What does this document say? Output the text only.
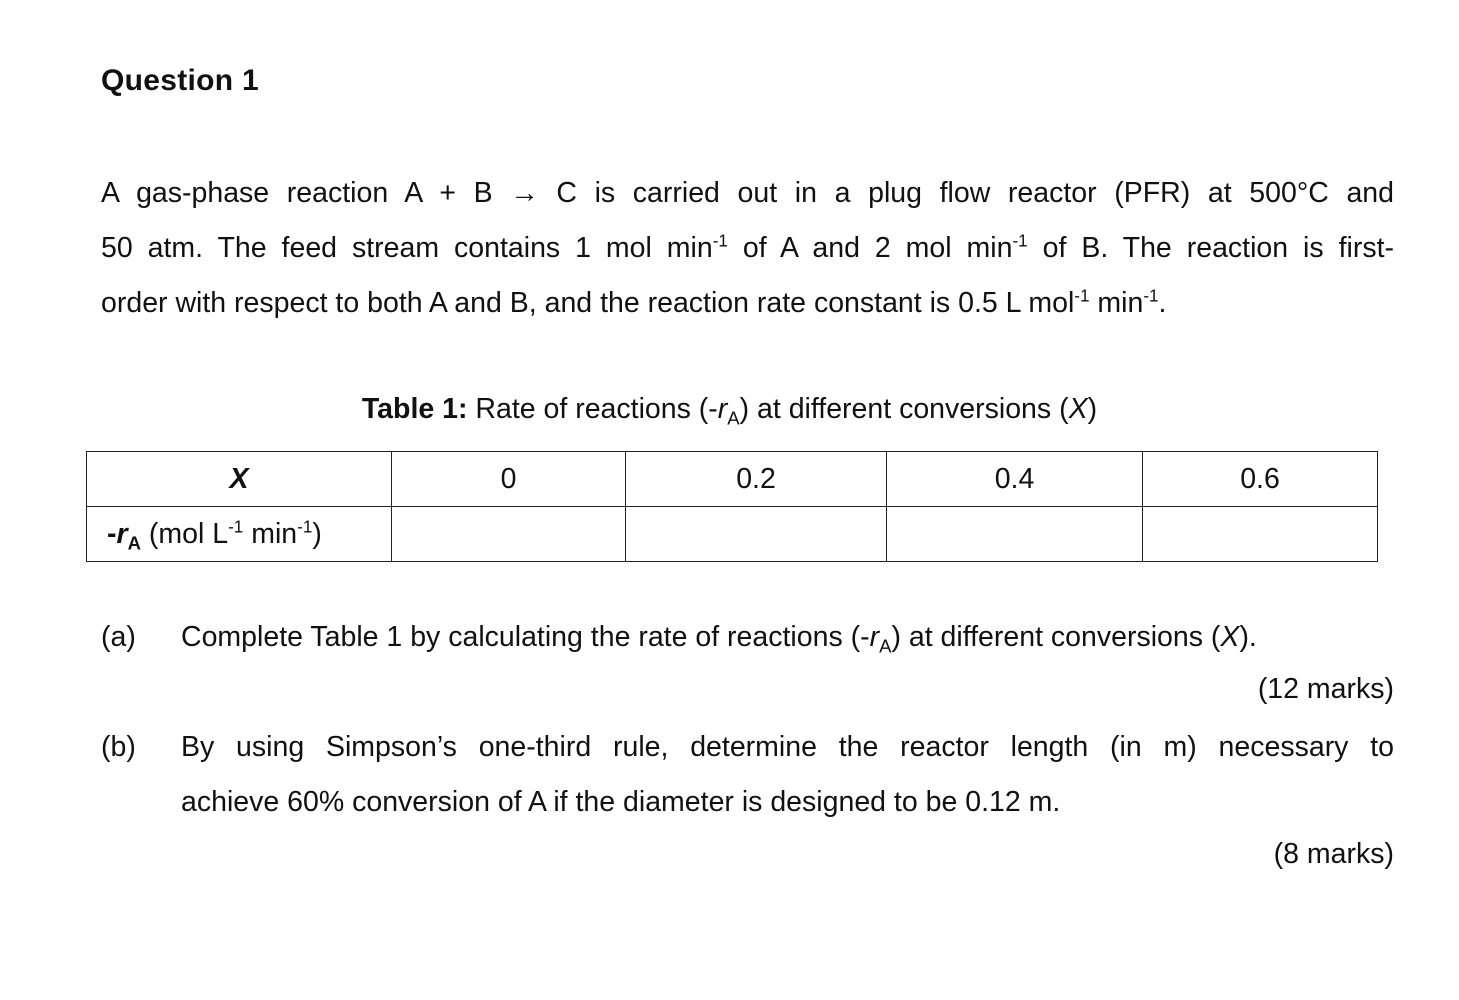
Question 1
A gas-phase reaction A + B → C is carried out in a plug flow reactor (PFR) at 500°C and
50 atm. The feed stream contains 1 mol $\min^{-1}$ of A and 2 mol $\min^{-1}$ of B. The reaction is first-
order with respect to both A and B, and the reaction rate constant is 0.5 L mol$^{-1}$ $\min^{-1}$.
Table 1: Rate of reactions $(-r_A)$ at different conversions (X)
X	0	0.2	0.4	0.6
$-r_A$ (mol $L^{-1}$ $\min^{-1}$)				
(a) Complete Table 1 by calculating the rate of reactions $(-r_A)$ at different conversions (X).
(12 marks)
(b) By using Simpson’s one-third rule, determine the reactor length (in m) necessary to
achieve 60% conversion of A if the diameter is designed to be 0.12 m.
(8 marks)
